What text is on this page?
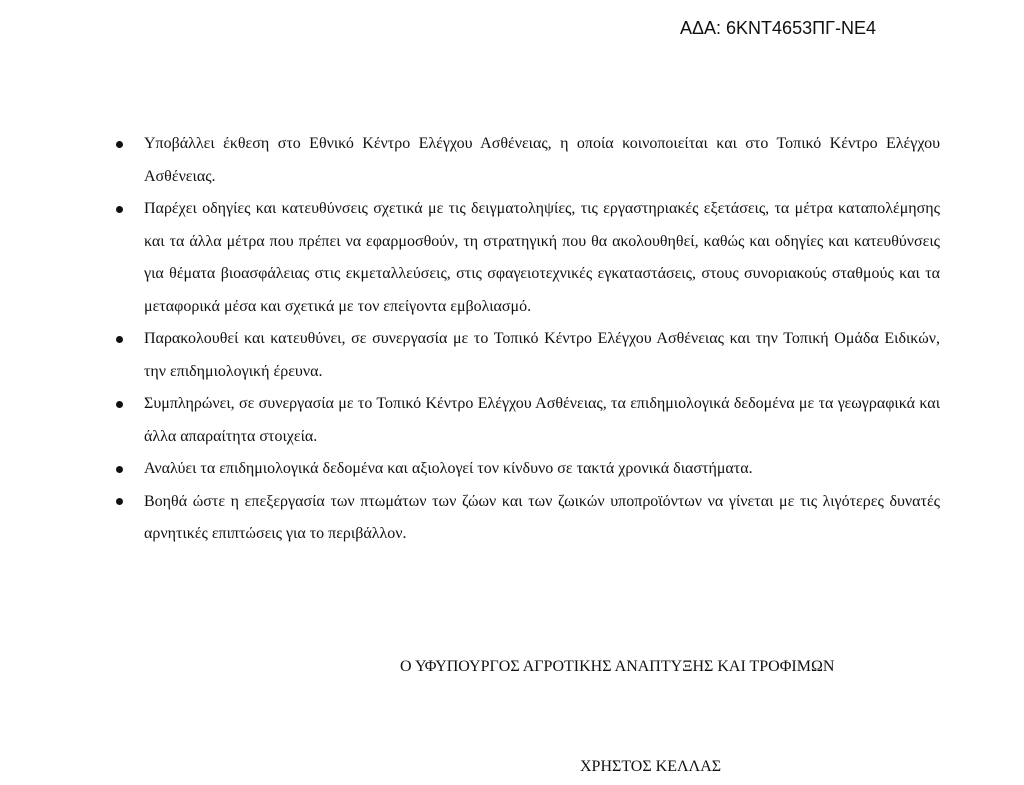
ΑΔΑ: 6ΚΝΤ4653ΠΓ-ΝΕ4
Υποβάλλει έκθεση στο Εθνικό Κέντρο Ελέγχου Ασθένειας, η οποία κοινοποιείται και στο Τοπικό Κέντρο Ελέγχου Ασθένειας.
Παρέχει οδηγίες και κατευθύνσεις σχετικά με τις δειγματοληψίες, τις εργαστηριακές εξετάσεις, τα μέτρα καταπολέμησης και τα άλλα μέτρα που πρέπει να εφαρμοσθούν, τη στρατηγική που θα ακολουθηθεί, καθώς και οδηγίες και κατευθύνσεις για θέματα βιοασφάλειας στις εκμεταλλεύσεις, στις σφαγειοτεχνικές εγκαταστάσεις, στους συνοριακούς σταθμούς και τα μεταφορικά μέσα και σχετικά με τον επείγοντα εμβολιασμό.
Παρακολουθεί και κατευθύνει, σε συνεργασία με το Τοπικό Κέντρο Ελέγχου Ασθένειας και την Τοπική Ομάδα Ειδικών, την επιδημιολογική έρευνα.
Συμπληρώνει, σε συνεργασία με το Τοπικό Κέντρο Ελέγχου Ασθένειας, τα επιδημιολογικά δεδομένα με τα γεωγραφικά και άλλα απαραίτητα στοιχεία.
Αναλύει τα επιδημιολογικά δεδομένα και αξιολογεί τον κίνδυνο σε τακτά χρονικά διαστήματα.
Βοηθά ώστε η επεξεργασία των πτωμάτων των ζώων και των ζωικών υποπροϊόντων να γίνεται με τις λιγότερες δυνατές αρνητικές επιπτώσεις για το περιβάλλον.
Ο ΥΦΥΠΟΥΡΓΟΣ ΑΓΡΟΤΙΚΗΣ ΑΝΑΠΤΥΞΗΣ ΚΑΙ ΤΡΟΦΙΜΩΝ
ΧΡΗΣΤΟΣ ΚΕΛΛΑΣ
